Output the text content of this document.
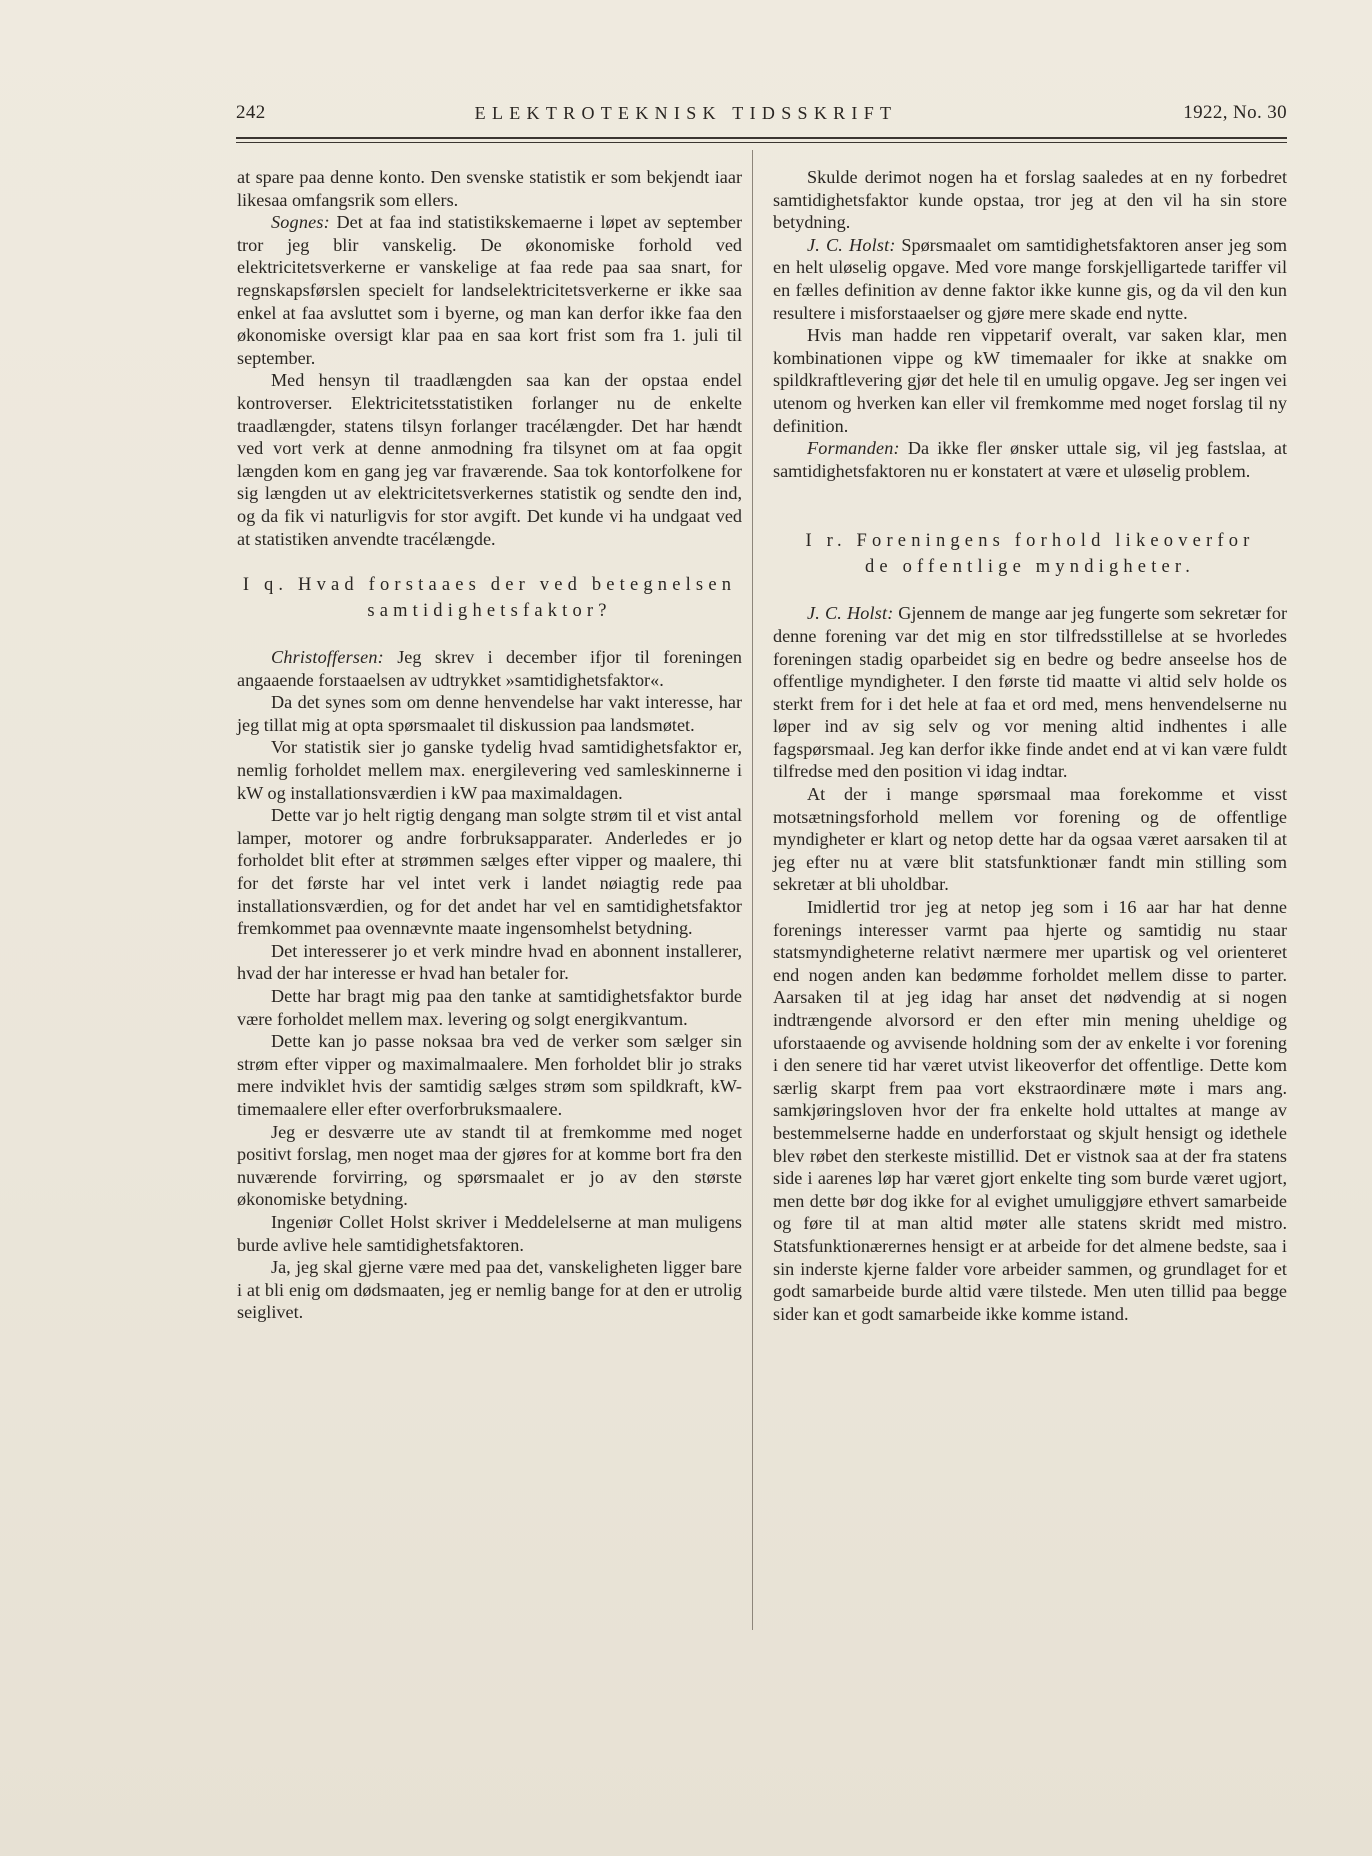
242	ELEKTROTEKNISK TIDSSKRIFT	1922, No. 30

at spare paa denne konto. Den svenske statistik er som bekjendt iaar likesaa omfangsrik som ellers.

Sognes: Det at faa ind statistikskemaerne i løpet av september tror jeg blir vanskelig. De økonomiske forhold ved elektricitetsverkerne er vanskelige at faa rede paa saa snart, for regnskapsførslen specielt for landselektricitetsverkerne er ikke saa enkel at faa avsluttet som i byerne, og man kan derfor ikke faa den økonomiske oversigt klar paa en saa kort frist som fra 1. juli til september.

Med hensyn til traadlængden saa kan der opstaa endel kontroverser. Elektricitetsstatistiken forlanger nu de enkelte traadlængder, statens tilsyn forlanger tracélængder. Det har hændt ved vort verk at denne anmodning fra tilsynet om at faa opgit længden kom en gang jeg var fraværende. Saa tok kontorfolkene for sig længden ut av elektricitetsverkernes statistik og sendte den ind, og da fik vi naturligvis for stor avgift. Det kunde vi ha undgaat ved at statistiken anvendte tracélængde.

I q. Hvad forstaaes der ved betegnelsen samtidighetsfaktor?

Christoffersen: Jeg skrev i december ifjor til foreningen angaaende forstaaelsen av udtrykket »samtidighetsfaktor«.

Da det synes som om denne henvendelse har vakt interesse, har jeg tillat mig at opta spørsmaalet til diskussion paa landsmøtet.

Vor statistik sier jo ganske tydelig hvad samtidighetsfaktor er, nemlig forholdet mellem max. energilevering ved samleskinnerne i kW og installationsværdien i kW paa maximaldagen.

Dette var jo helt rigtig dengang man solgte strøm til et vist antal lamper, motorer og andre forbruksapparater. Anderledes er jo forholdet blit efter at strømmen sælges efter vipper og maalere, thi for det første har vel intet verk i landet nøiagtig rede paa installationsværdien, og for det andet har vel en samtidighetsfaktor fremkommet paa ovennævnte maate ingensomhelst betydning.

Det interesserer jo et verk mindre hvad en abonnent installerer, hvad der har interesse er hvad han betaler for.

Dette har bragt mig paa den tanke at samtidighetsfaktor burde være forholdet mellem max. levering og solgt energikvantum.

Dette kan jo passe noksaa bra ved de verker som sælger sin strøm efter vipper og maximalmaalere. Men forholdet blir jo straks mere indviklet hvis der samtidig sælges strøm som spildkraft, kW-timemaalere eller efter overforbruksmaalere.

Jeg er desværre ute av standt til at fremkomme med noget positivt forslag, men noget maa der gjøres for at komme bort fra den nuværende forvirring, og spørsmaalet er jo av den største økonomiske betydning.

Ingeniør Collet Holst skriver i Meddelelserne at man muligens burde avlive hele samtidighetsfaktoren.

Ja, jeg skal gjerne være med paa det, vanskeligheten ligger bare i at bli enig om dødsmaaten, jeg er nemlig bange for at den er utrolig seiglivet.

Skulde derimot nogen ha et forslag saaledes at en ny forbedret samtidighetsfaktor kunde opstaa, tror jeg at den vil ha sin store betydning.

J. C. Holst: Spørsmaalet om samtidighetsfaktoren anser jeg som en helt uløselig opgave. Med vore mange forskjelligartede tariffer vil en fælles definition av denne faktor ikke kunne gis, og da vil den kun resultere i misforstaaelser og gjøre mere skade end nytte.

Hvis man hadde ren vippetarif overalt, var saken klar, men kombinationen vippe og kW timemaaler for ikke at snakke om spildkraftlevering gjør det hele til en umulig opgave. Jeg ser ingen vei utenom og hverken kan eller vil fremkomme med noget forslag til ny definition.

Formanden: Da ikke fler ønsker uttale sig, vil jeg fastslaa, at samtidighetsfaktoren nu er konstatert at være et uløselig problem.

I r. Foreningens forhold likeoverfor
de offentlige myndigheter.

J. C. Holst: Gjennem de mange aar jeg fungerte som sekretær for denne forening var det mig en stor tilfredsstillelse at se hvorledes foreningen stadig oparbeidet sig en bedre og bedre anseelse hos de offentlige myndigheter. I den første tid maatte vi altid selv holde os sterkt frem for i det hele at faa et ord med, mens henvendelserne nu løper ind av sig selv og vor mening altid indhentes i alle fagspørsmaal. Jeg kan derfor ikke finde andet end at vi kan være fuldt tilfredse med den position vi idag indtar.

At der i mange spørsmaal maa forekomme et visst motsætningsforhold mellem vor forening og de offentlige myndigheter er klart og netop dette har da ogsaa været aarsaken til at jeg efter nu at være blit statsfunktionær fandt min stilling som sekretær at bli uholdbar.

Imidlertid tror jeg at netop jeg som i 16 aar har hat denne forenings interesser varmt paa hjerte og samtidig nu staar statsmyndigheterne relativt nærmere mer upartisk og vel orienteret end nogen anden kan bedømme forholdet mellem disse to parter. Aarsaken til at jeg idag har anset det nødvendig at si nogen indtrængende alvorsord er den efter min mening uheldige og uforstaaende og avvisende holdning som der av enkelte i vor forening i den senere tid har været utvist likeoverfor det offentlige. Dette kom særlig skarpt frem paa vort ekstraordinære møte i mars ang. samkjøringsloven hvor der fra enkelte hold uttaltes at mange av bestemmelserne hadde en underforstaat og skjult hensigt og idethele blev røbet den sterkeste mistillid. Det er vistnok saa at der fra statens side i aarenes løp har været gjort enkelte ting som burde været ugjort, men dette bør dog ikke for al evighet umuliggjøre ethvert samarbeide og føre til at man altid møter alle statens skridt med mistro. Statsfunktionærernes hensigt er at arbeide for det almene bedste, saa i sin inderste kjerne falder vore arbeider sammen, og grundlaget for et godt samarbeide burde altid være tilstede. Men uten tillid paa begge sider kan et godt samarbeide ikke komme istand.
